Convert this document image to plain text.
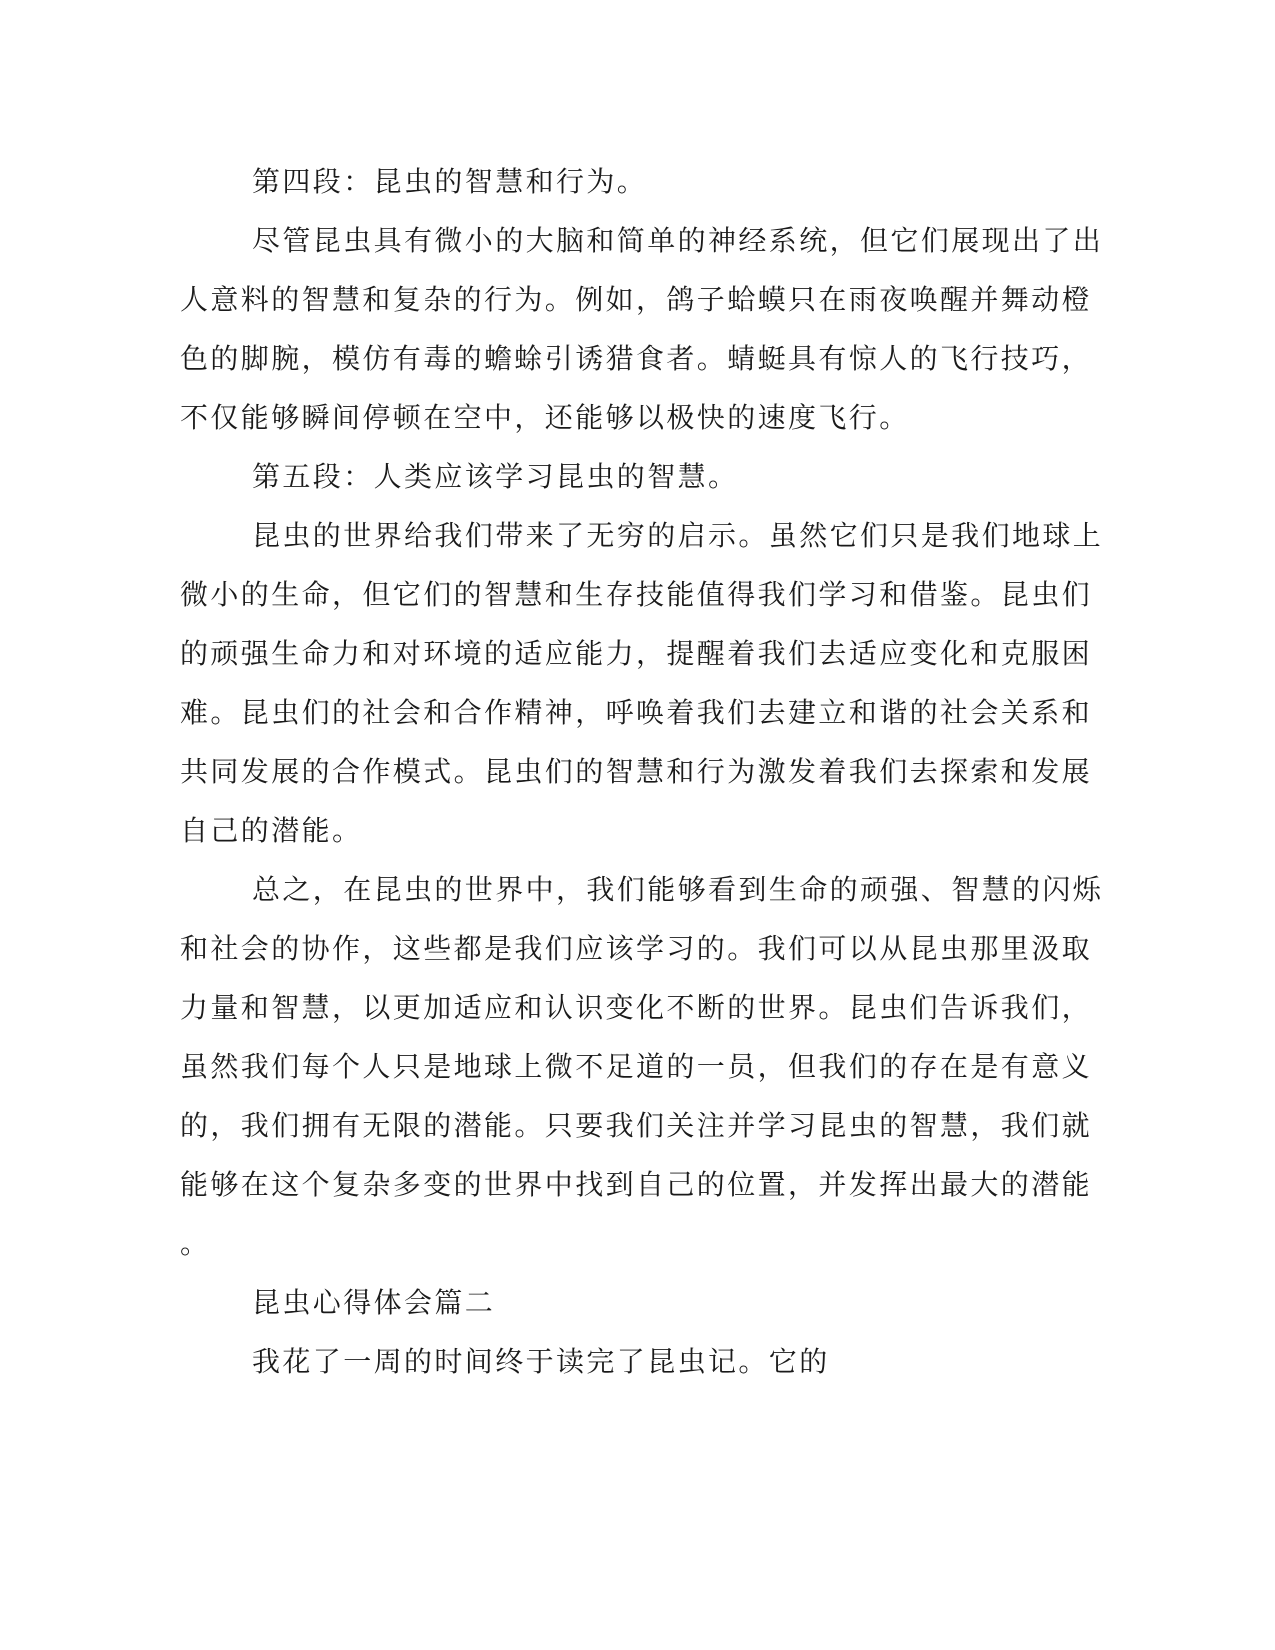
第四段：昆虫的智慧和行为。
尽管昆虫具有微小的大脑和简单的神经系统，但它们展现出了出
人意料的智慧和复杂的行为。例如，鸽子蛤蟆只在雨夜唤醒并舞动橙
色的脚腕，模仿有毒的蟾蜍引诱猎食者。蜻蜓具有惊人的飞行技巧，
不仅能够瞬间停顿在空中，还能够以极快的速度飞行。
第五段：人类应该学习昆虫的智慧。
昆虫的世界给我们带来了无穷的启示。虽然它们只是我们地球上
微小的生命，但它们的智慧和生存技能值得我们学习和借鉴。昆虫们
的顽强生命力和对环境的适应能力，提醒着我们去适应变化和克服困
难。昆虫们的社会和合作精神，呼唤着我们去建立和谐的社会关系和
共同发展的合作模式。昆虫们的智慧和行为激发着我们去探索和发展
自己的潜能。
总之，在昆虫的世界中，我们能够看到生命的顽强、智慧的闪烁
和社会的协作，这些都是我们应该学习的。我们可以从昆虫那里汲取
力量和智慧，以更加适应和认识变化不断的世界。昆虫们告诉我们，
虽然我们每个人只是地球上微不足道的一员，但我们的存在是有意义
的，我们拥有无限的潜能。只要我们关注并学习昆虫的智慧，我们就
能够在这个复杂多变的世界中找到自己的位置，并发挥出最大的潜能
。
昆虫心得体会篇二
我花了一周的时间终于读完了昆虫记。它的
